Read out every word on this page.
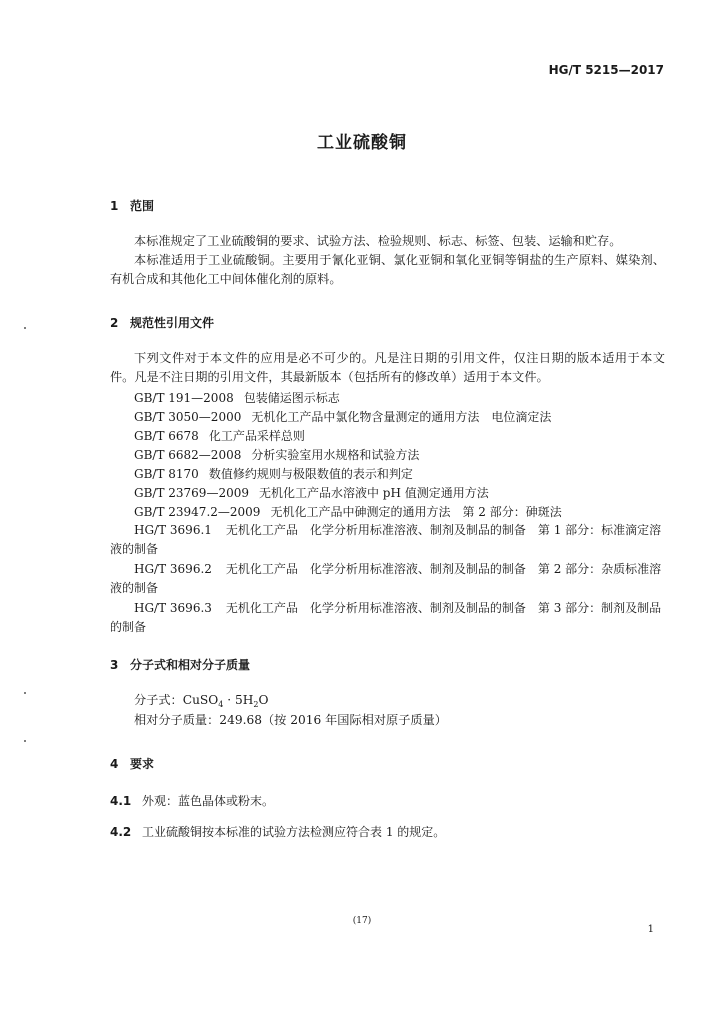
HG/T 5215—2017
工业硫酸铜
1 范围
本标准规定了工业硫酸铜的要求、试验方法、检验规则、标志、标签、包装、运输和贮存。
本标准适用于工业硫酸铜。主要用于氰化亚铜、氯化亚铜和氧化亚铜等铜盐的生产原料、媒染剂、有机合成和其他化工中间体催化剂的原料。
2 规范性引用文件
下列文件对于本文件的应用是必不可少的。凡是注日期的引用文件，仅注日期的版本适用于本文件。凡是不注日期的引用文件，其最新版本（包括所有的修改单）适用于本文件。
GB/T 191—2008 包装储运图示标志
GB/T 3050—2000 无机化工产品中氯化物含量测定的通用方法　电位滴定法
GB/T 6678 化工产品采样总则
GB/T 6682—2008 分析实验室用水规格和试验方法
GB/T 8170 数值修约规则与极限数值的表示和判定
GB/T 23769—2009 无机化工产品水溶液中 pH 值测定通用方法
GB/T 23947.2—2009 无机化工产品中砷测定的通用方法　第 2 部分：砷斑法
HG/T 3696.1 无机化工产品　化学分析用标准溶液、制剂及制品的制备　第 1 部分：标准滴定溶液的制备
HG/T 3696.2 无机化工产品　化学分析用标准溶液、制剂及制品的制备　第 2 部分：杂质标准溶液的制备
HG/T 3696.3 无机化工产品　化学分析用标准溶液、制剂及制品的制备　第 3 部分：制剂及制品的制备
3 分子式和相对分子质量
分子式：CuSO$_4$ · $5H_2O$
相对分子质量：249.68（按 2016 年国际相对原子质量）
4 要求
4.1 外观：蓝色晶体或粉末。
4.2 工业硫酸铜按本标准的试验方法检测应符合表 1 的规定。
(17)
1
